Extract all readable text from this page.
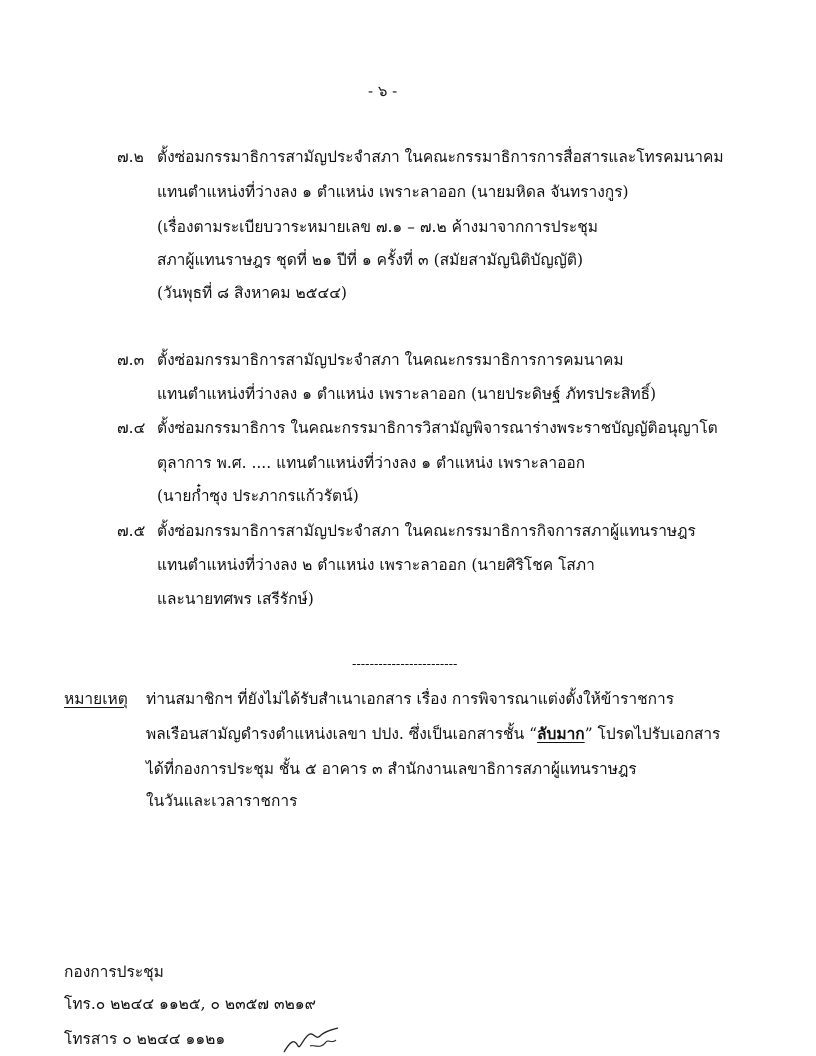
- ๖ -
๗.๒ ตั้งซ่อมกรรมาธิการสามัญประจำสภา ในคณะกรรมาธิการการสื่อสารและโทรคมนาคม
แทนตำแหน่งที่ว่างลง ๑ ตำแหน่ง เพราะลาออก (นายมหิดล จันทรางกูร)
(เรื่องตามระเบียบวาระหมายเลข ๗.๑ – ๗.๒ ค้างมาจากการประชุม
สภาผู้แทนราษฎร ชุดที่ ๒๑ ปีที่ ๑ ครั้งที่ ๓ (สมัยสามัญนิติบัญญัติ)
(วันพุธที่ ๘ สิงหาคม ๒๕๔๔)
๗.๓ ตั้งซ่อมกรรมาธิการสามัญประจำสภา ในคณะกรรมาธิการการคมนาคม
แทนตำแหน่งที่ว่างลง ๑ ตำแหน่ง เพราะลาออก (นายประดิษฐ์ ภัทรประสิทธิ์)
๗.๔ ตั้งซ่อมกรรมาธิการ ในคณะกรรมาธิการวิสามัญพิจารณาร่างพระราชบัญญัติอนุญาโต
ตุลาการ พ.ศ. .... แทนตำแหน่งที่ว่างลง ๑ ตำแหน่ง เพราะลาออก
(นายก๋ำซุง ประภากรแก้วรัตน์)
๗.๕ ตั้งซ่อมกรรมาธิการสามัญประจำสภา ในคณะกรรมาธิการกิจการสภาผู้แทนราษฎร
แทนตำแหน่งที่ว่างลง ๒ ตำแหน่ง เพราะลาออก (นายศิริโชค โสภา
และนายทศพร เสรีรักษ์)
------------------------
หมายเหตุ ท่านสมาชิกฯ ที่ยังไม่ได้รับสำเนาเอกสาร เรื่อง การพิจารณาแต่งตั้งให้ข้าราชการ
พลเรือนสามัญดำรงตำแหน่งเลขา ปปง. ซึ่งเป็นเอกสารชั้น “ลับมาก” โปรดไปรับเอกสาร
ได้ที่กองการประชุม ชั้น ๕ อาคาร ๓ สำนักงานเลขาธิการสภาผู้แทนราษฎร
ในวันและเวลาราชการ
กองการประชุม
โทร.๐ ๒๒๔๔ ๑๑๒๕, ๐ ๒๓๕๗ ๓๒๑๙
โทรสาร ๐ ๒๒๔๔ ๑๑๒๑
